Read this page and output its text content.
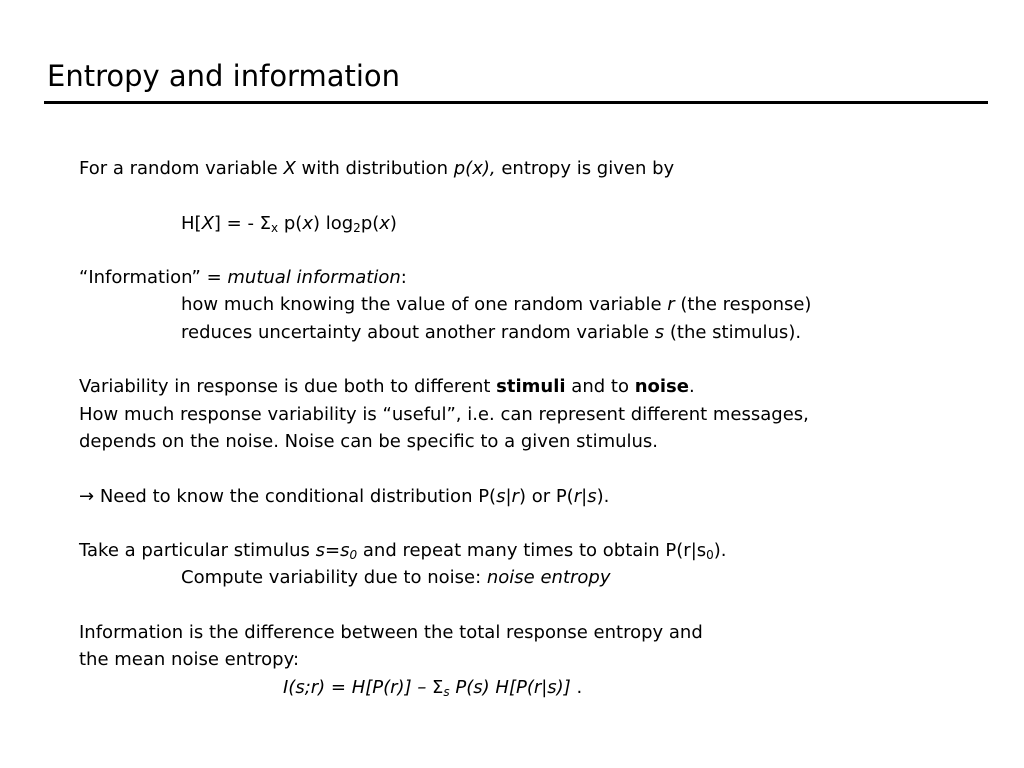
Entropy and information
For a random variable X with distribution p(x), entropy is given by
H[X] = - $\Sigma_x$ p(x) $\log_2p(x)$
“Information” = mutual information:
how much knowing the value of one random variable r (the response)
reduces uncertainty about another random variable s (the stimulus).
Variability in response is due both to different stimuli and to noise.
How much response variability is “useful”, i.e. can represent different messages,
depends on the noise. Noise can be specific to a given stimulus.
→ Need to know the conditional distribution P(s|r) or P(r|s).
Take a particular stimulus $s=s_0$ and repeat many times to obtain $P(r|s_0)$.
Compute variability due to noise: noise entropy
Information is the difference between the total response entropy and
the mean noise entropy:
I(s;r) = $H[P(r)] - \Sigma_s$ P(s) H[P(r|s)] .
